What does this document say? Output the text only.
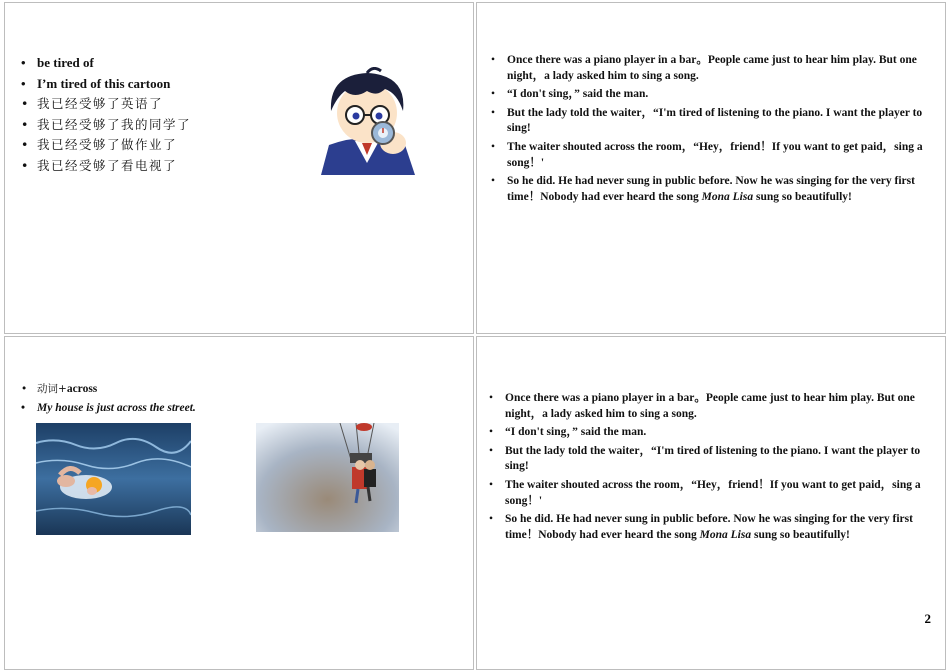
• be tired of
• I’m tired of this cartoon
• 我已经受够了英语了
• 我已经受够了我的同学了
• 我已经受够了做作业了
• 我已经受够了看电视了
• Once there was a piano player in a bar。People came just to hear him play. But one night，a lady asked him to sing a song.
• “I don't sing，” said the man.
• But the lady told the waiter，“I'm tired of listening to the piano. I want the player to sing!
• The waiter shouted across the room，“Hey，friend！If you want to get paid，sing a song！'
• So he did. He had never sung in public before. Now he was singing for the very first time！Nobody had ever heard the song Mona Lisa sung so beautifully!
• 动词+across
• My house is just across the street.
• Once there was a piano player in a bar。People came just to hear him play. But one night，a lady asked him to sing a song.
• “I don't sing，” said the man.
• But the lady told the waiter，“I'm tired of listening to the piano. I want the player to sing!
• The waiter shouted across the room，“Hey，friend！If you want to get paid，sing a song！'
• So he did. He had never sung in public before. Now he was singing for the very first time！Nobody had ever heard the song Mona Lisa sung so beautifully!
2
